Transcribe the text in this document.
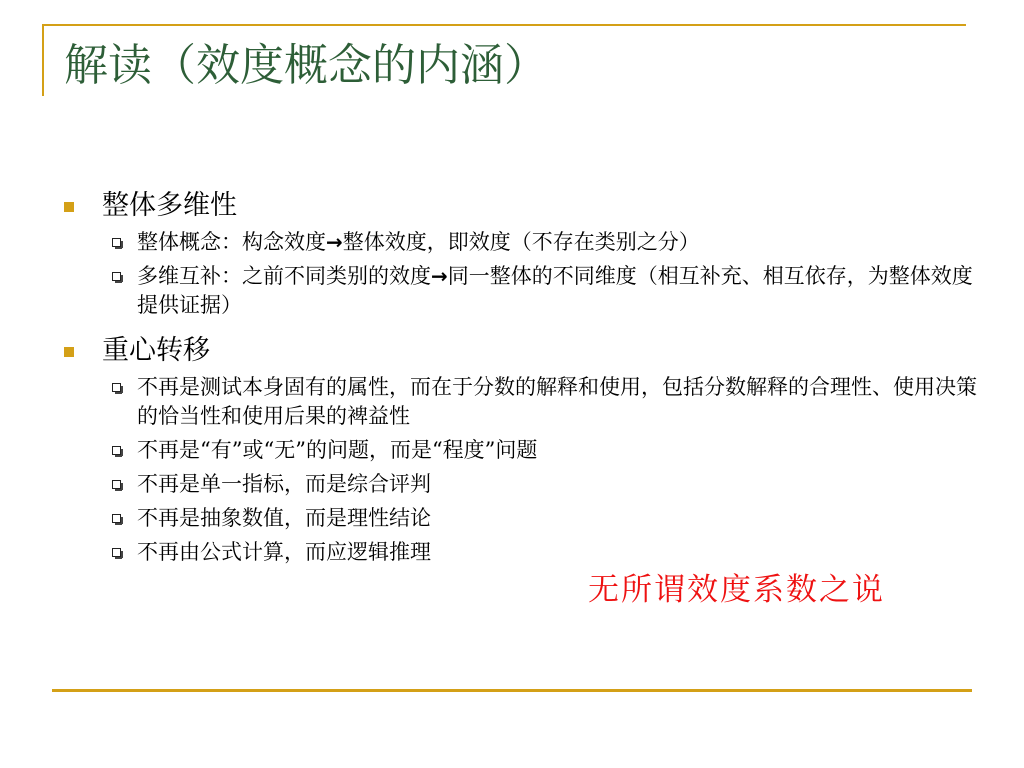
解读（效度概念的内涵）

整体多维性

整体概念：构念效度→整体效度，即效度（不存在类别之分）

多维互补：之前不同类别的效度→同一整体的不同维度（相互补充、相互依存，为整体效度提供证据）

重心转移

不再是测试本身固有的属性，而在于分数的解释和使用，包括分数解释的合理性、使用决策的恰当性和使用后果的裨益性

不再是“有”或“无”的问题，而是“程度”问题

不再是单一指标，而是综合评判

不再是抽象数值，而是理性结论

不再由公式计算，而应逻辑推理

无所谓效度系数之说
